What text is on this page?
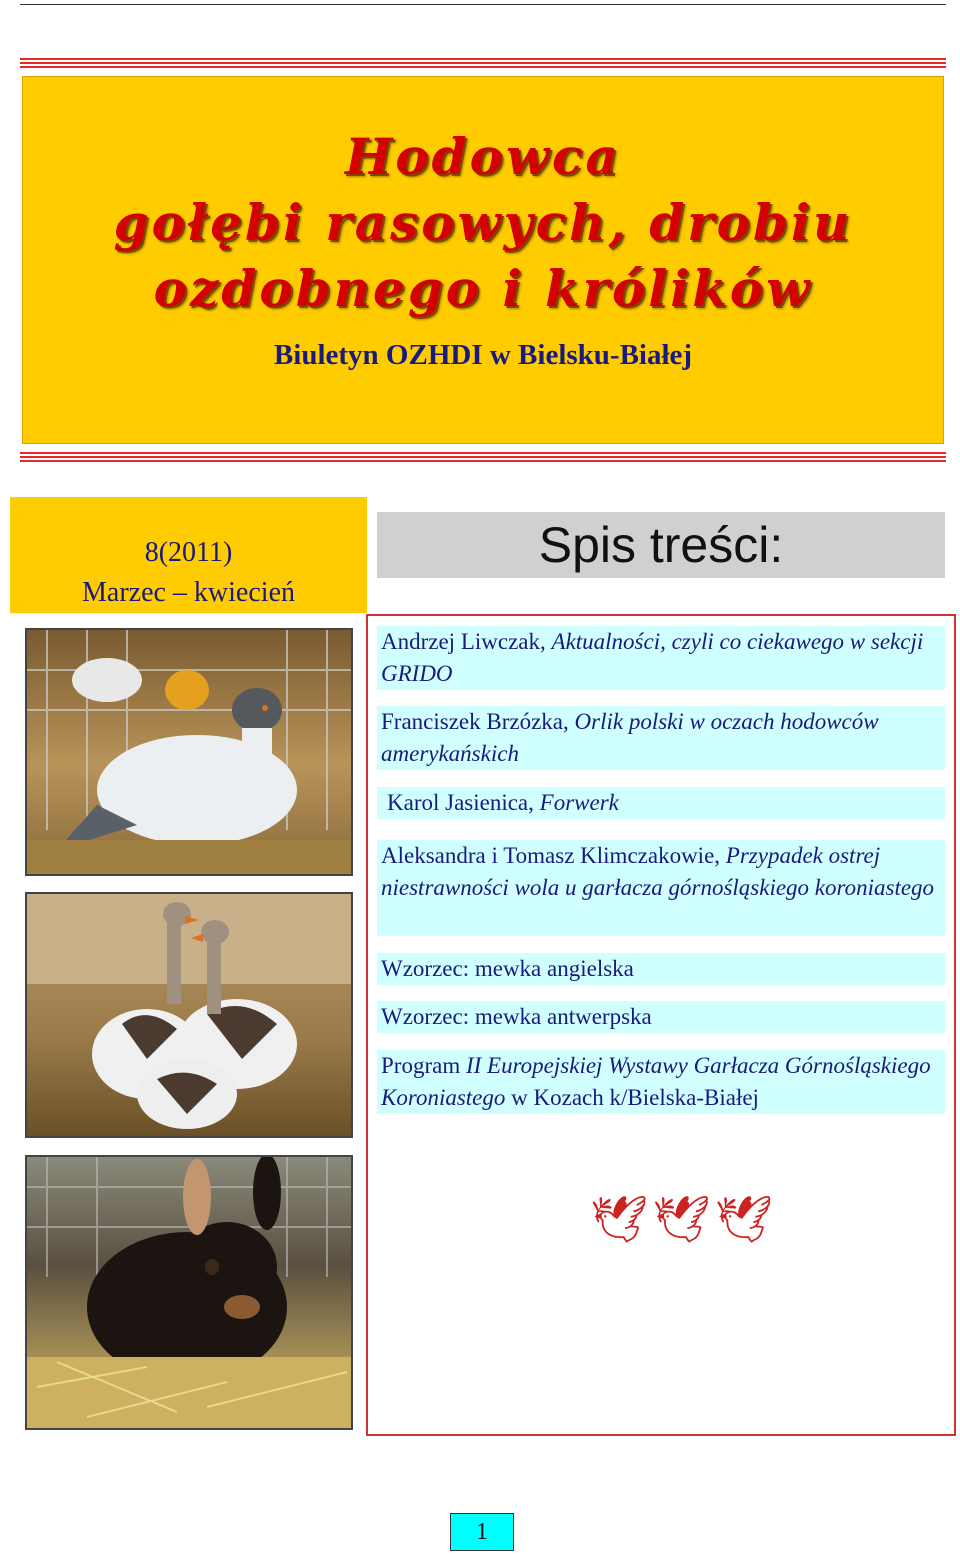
Hodowca
gołębi rasowych, drobiu
ozdobnego i królików
Biuletyn OZHDI w Bielsku-Białej
8(2011)
Marzec – kwiecień
Spis treści:
Andrzej Liwczak, Aktualności, czyli co ciekawego w sekcji GRIDO
Franciszek Brzózka, Orlik polski w oczach hodowców amerykańskich
Karol Jasienica, Forwerk
Aleksandra i Tomasz Klimczakowie, Przypadek ostrej niestrawności wola u garłacza górnośląskiego koroniastego
Wzorzec: mewka angielska
Wzorzec: mewka antwerpska
Program II Europejskiej Wystawy Garłacza Górnośląskiego Koroniastego w Kozach k/Bielska-Białej
🕊🕊🕊
1
